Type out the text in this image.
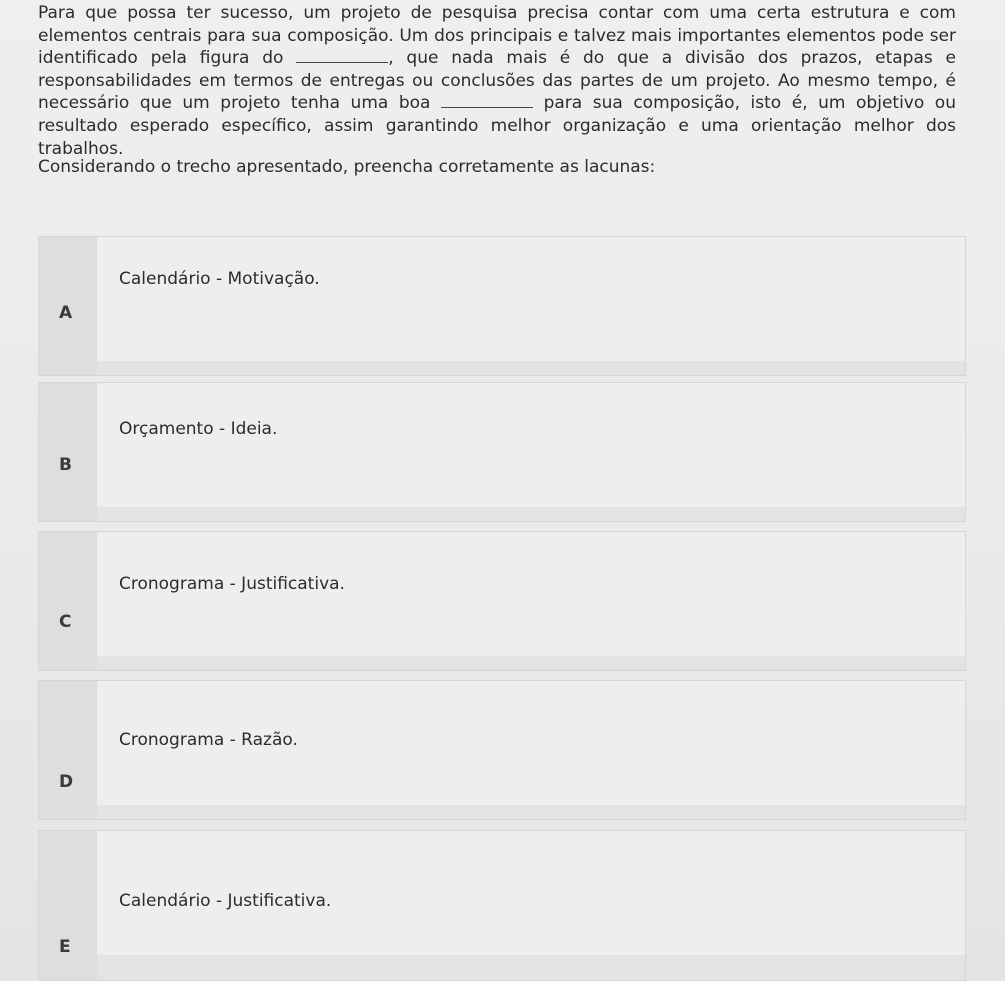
Para que possa ter sucesso, um projeto de pesquisa precisa contar com uma certa estrutura e com elementos centrais para sua composição. Um dos principais e talvez mais importantes elementos pode ser identificado pela figura do	, que nada mais é do que a divisão dos prazos, etapas e responsabilidades em termos de entregas ou conclusões das partes de um projeto. Ao mesmo tempo, é necessário que um projeto tenha uma boa	para sua composição, isto é, um objetivo ou resultado esperado específico, assim garantindo melhor organização e uma orientação melhor dos trabalhos.

Considerando o trecho apresentado, preencha corretamente as lacunas:
Calendário - Motivação.
A
Orçamento - Ideia.
B
Cronograma - Justificativa.
C
Cronograma - Razão.
D
Calendário - Justificativa.
E
